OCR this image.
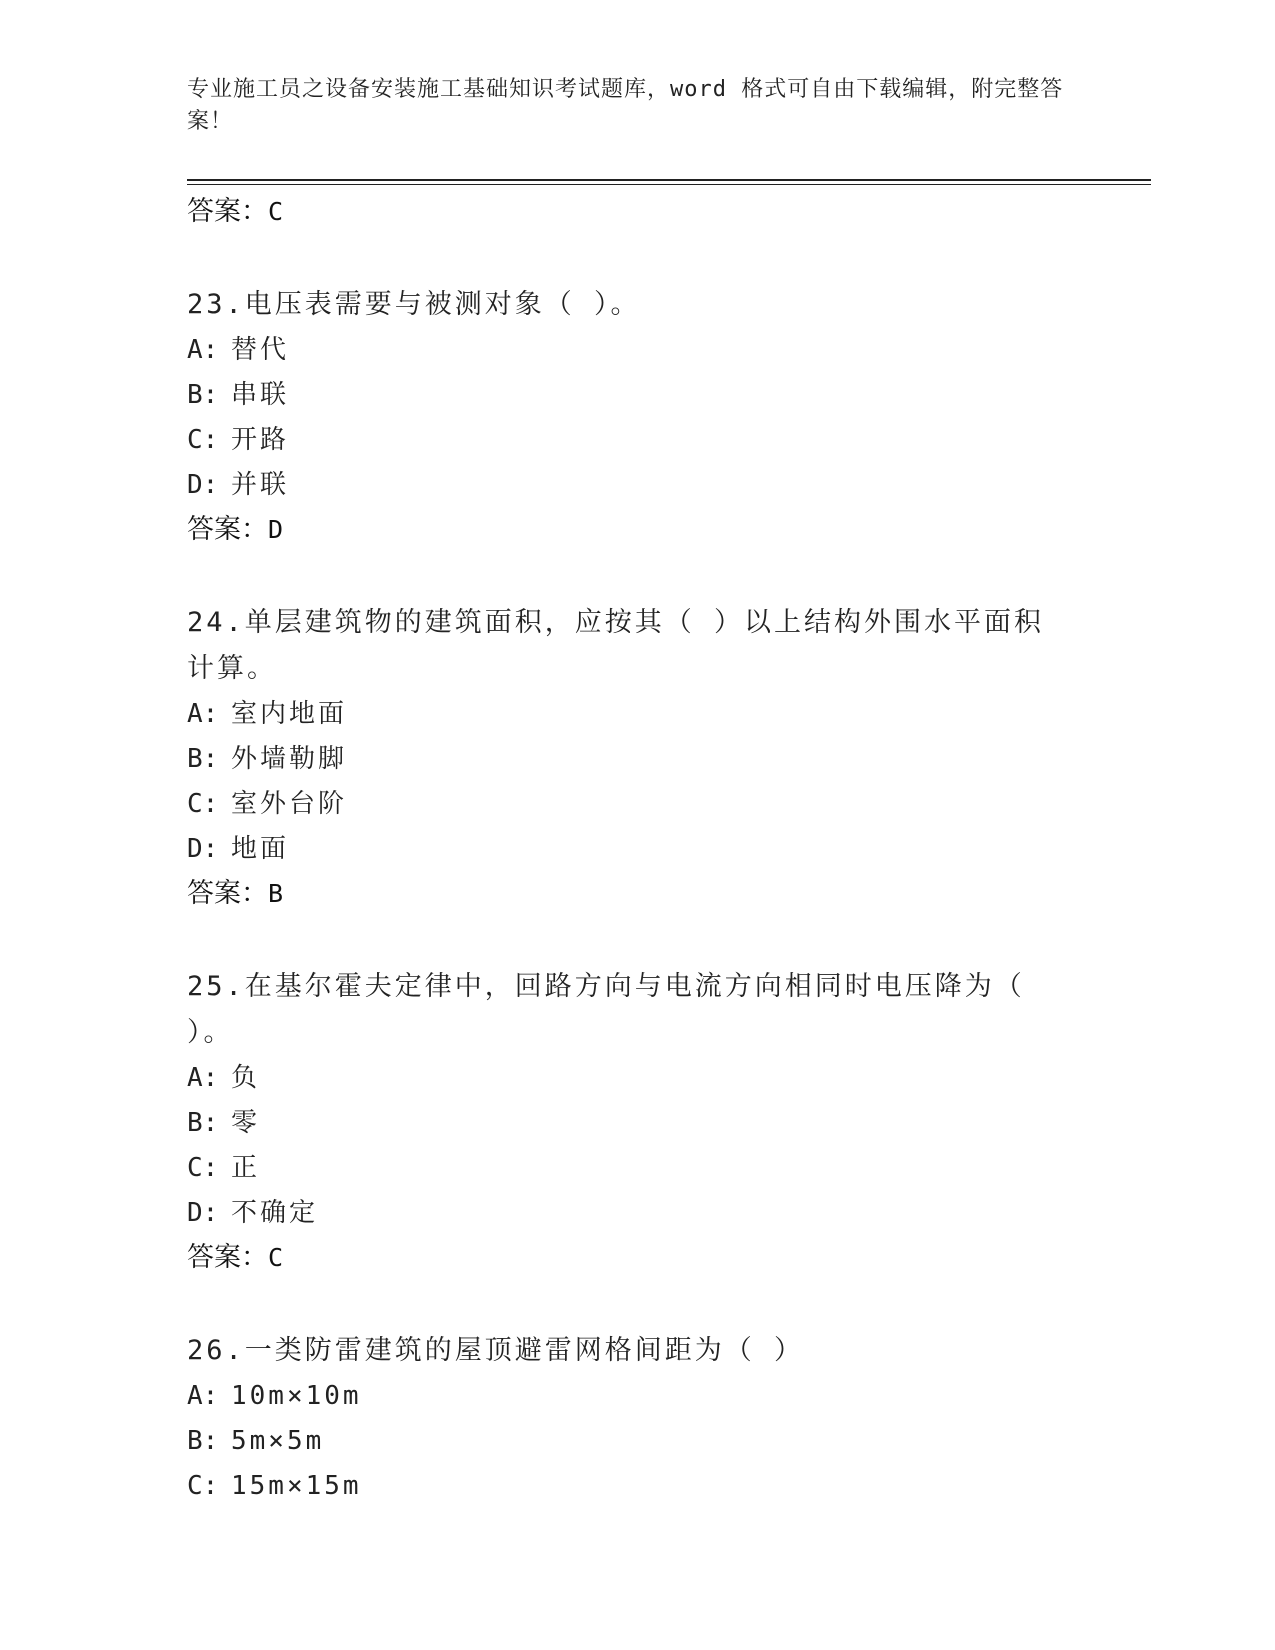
专业施工员之设备安装施工基础知识考试题库，word 格式可自由下载编辑，附完整答案！
答案：C
23.电压表需要与被测对象（ ）。
A: 替代
B: 串联
C: 开路
D: 并联
答案：D
24.单层建筑物的建筑面积，应按其（ ）以上结构外围水平面积计算。
A: 室内地面
B: 外墙勒脚
C: 室外台阶
D: 地面
答案：B
25.在基尔霍夫定律中，回路方向与电流方向相同时电压降为（ ）。
A: 负
B: 零
C: 正
D: 不确定
答案：C
26.一类防雷建筑的屋顶避雷网格间距为（ ）
A: 10m×10m
B: 5m×5m
C: 15m×15m
